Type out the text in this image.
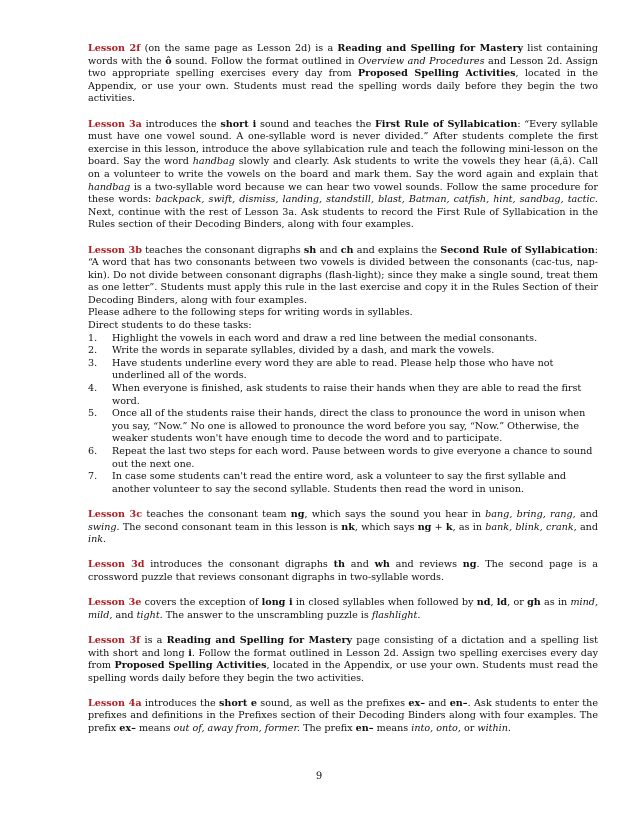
Lesson 2f (on the same page as Lesson 2d) is a Reading and Spelling for Mastery list containing words with the ô sound. Follow the format outlined in Overview and Procedures and Lesson 2d. Assign two appropriate spelling exercises every day from Proposed Spelling Activities, located in the Appendix, or use your own. Students must read the spelling words daily before they begin the two activities.

Lesson 3a introduces the short i sound and teaches the First Rule of Syllabication: “Every syllable must have one vowel sound. A one-syllable word is never divided.” After students complete the first exercise in this lesson, introduce the above syllabication rule and teach the following mini-lesson on the board. Say the word handbag slowly and clearly. Ask students to write the vowels they hear (ă,ă). Call on a volunteer to write the vowels on the board and mark them. Say the word again and explain that handbag is a two-syllable word because we can hear two vowel sounds. Follow the same procedure for these words: backpack, swift, dismiss, landing, standstill, blast, Batman, catfish, hint, sandbag, tactic. Next, continue with the rest of Lesson 3a. Ask students to record the First Rule of Syllabication in the Rules section of their Decoding Binders, along with four examples.

Lesson 3b teaches the consonant digraphs sh and ch and explains the Second Rule of Syllabication: “A word that has two consonants between two vowels is divided between the consonants (cac-tus, nap-kin). Do not divide between consonant digraphs (flash-light); since they make a single sound, treat them as one letter”. Students must apply this rule in the last exercise and copy it in the Rules Section of their Decoding Binders, along with four examples.

Please adhere to the following steps for writing words in syllables.

Direct students to do these tasks:

1.	Highlight the vowels in each word and draw a red line between the medial consonants.
2.	Write the words in separate syllables, divided by a dash, and mark the vowels.
3.	Have students underline every word they are able to read. Please help those who have not underlined all of the words.
4.	When everyone is finished, ask students to raise their hands when they are able to read the first word.
5.	Once all of the students raise their hands, direct the class to pronounce the word in unison when you say, “Now.” No one is allowed to pronounce the word before you say, “Now.” Otherwise, the weaker students won't have enough time to decode the word and to participate.
6.	Repeat the last two steps for each word. Pause between words to give everyone a chance to sound out the next one.
7.	In case some students can't read the entire word, ask a volunteer to say the first syllable and another volunteer to say the second syllable. Students then read the word in unison.

Lesson 3c teaches the consonant team ng, which says the sound you hear in bang, bring, rang, and swing. The second consonant team in this lesson is nk, which says ng + k, as in bank, blink, crank, and ink.

Lesson 3d introduces the consonant digraphs th and wh and reviews ng. The second page is a crossword puzzle that reviews consonant digraphs in two-syllable words.

Lesson 3e covers the exception of long i in closed syllables when followed by nd, ld, or gh as in mind, mild, and tight. The answer to the unscrambling puzzle is flashlight.

Lesson 3f is a Reading and Spelling for Mastery page consisting of a dictation and a spelling list with short and long i. Follow the format outlined in Lesson 2d. Assign two spelling exercises every day from Proposed Spelling Activities, located in the Appendix, or use your own. Students must read the spelling words daily before they begin the two activities.

Lesson 4a introduces the short e sound, as well as the prefixes ex– and en–. Ask students to enter the prefixes and definitions in the Prefixes section of their Decoding Binders along with four examples. The prefix ex– means out of, away from, former. The prefix en– means into, onto, or within.

9
